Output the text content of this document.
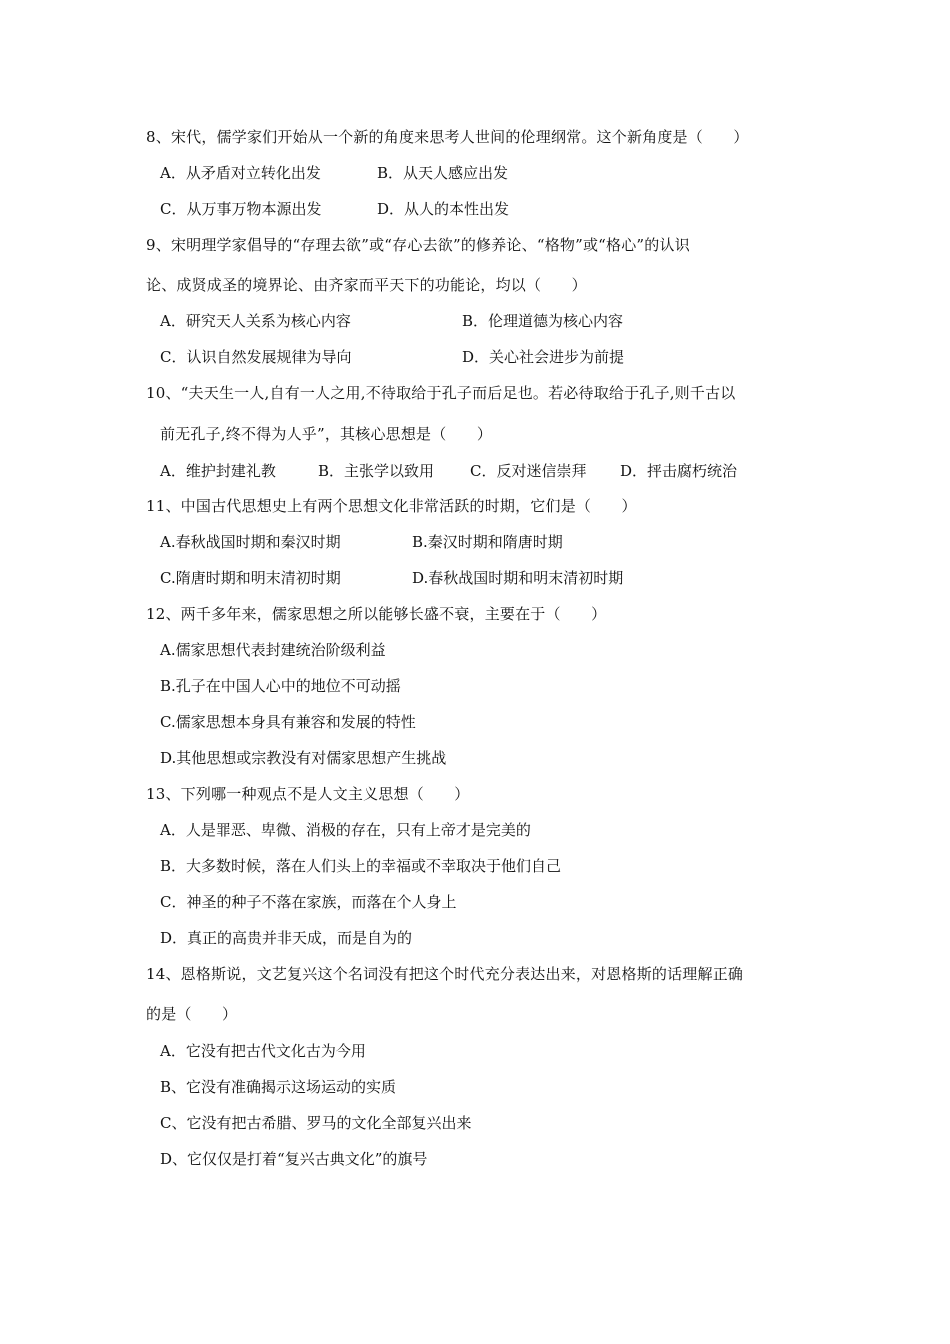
8、宋代，儒学家们开始从一个新的角度来思考人世间的伦理纲常。这个新角度是（　　）
A．从矛盾对立转化出发	B．从天人感应出发
C．从万事万物本源出发	D．从人的本性出发
9、宋明理学家倡导的“存理去欲”或“存心去欲”的修养论、“格物”或“格心”的认识
论、成贤成圣的境界论、由齐家而平天下的功能论，均以（　　）
A．研究天人关系为核心内容	B．伦理道德为核心内容
C．认识自然发展规律为导向	D．关心社会进步为前提
10、“夫天生一人,自有一人之用,不待取给于孔子而后足也。若必待取给于孔子,则千古以
前无孔子,终不得为人乎”，其核心思想是（　　）
A．维护封建礼教	B．主张学以致用 C．反对迷信崇拜 D．抨击腐朽统治
11、中国古代思想史上有两个思想文化非常活跃的时期，它们是（　　）
A.春秋战国时期和秦汉时期	B.秦汉时期和隋唐时期
C.隋唐时期和明末清初时期	D.春秋战国时期和明末清初时期
12、两千多年来，儒家思想之所以能够长盛不衰，主要在于（　　）
A.儒家思想代表封建统治阶级利益
B.孔子在中国人心中的地位不可动摇
C.儒家思想本身具有兼容和发展的特性
D.其他思想或宗教没有对儒家思想产生挑战
13、下列哪一种观点不是人文主义思想（　　）
A．人是罪恶、卑微、消极的存在，只有上帝才是完美的
B．大多数时候，落在人们头上的幸福或不幸取决于他们自己
C．神圣的种子不落在家族，而落在个人身上
D．真正的高贵并非天成，而是自为的
14、恩格斯说，文艺复兴这个名词没有把这个时代充分表达出来，对恩格斯的话理解正确
的是（　　）
A．它没有把古代文化古为今用
B、它没有准确揭示这场运动的实质
C、它没有把古希腊、罗马的文化全部复兴出来
D、它仅仅是打着“复兴古典文化”的旗号
